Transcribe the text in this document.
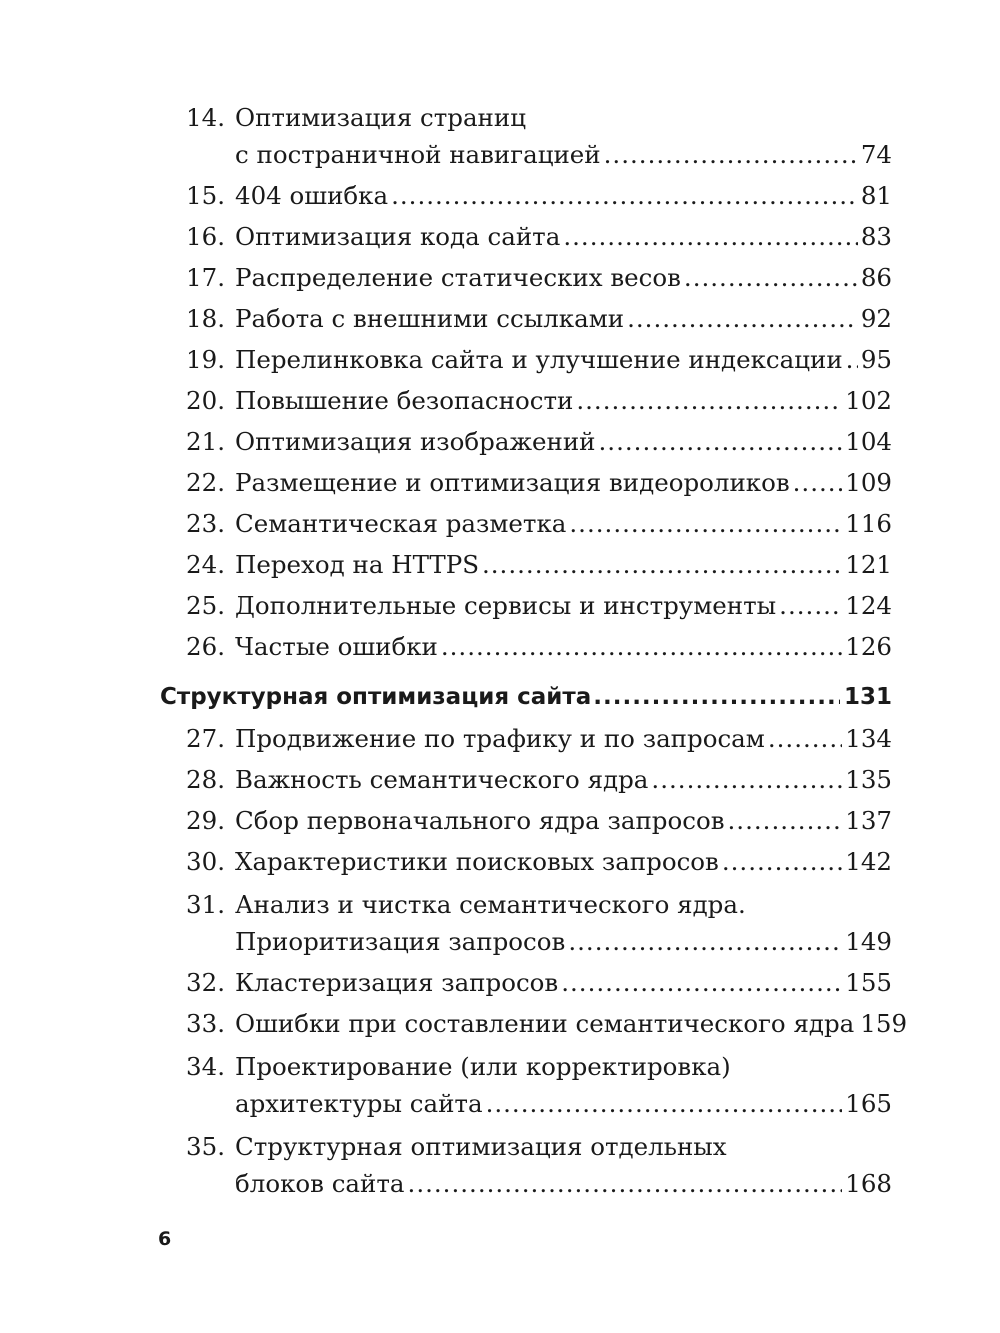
14. Оптимизация страниц
с постраничной навигацией .....	74
15. 404 ошибка .....	81
16. Оптимизация кода сайта .....	83
17. Распределение статических весов .....	86
18. Работа с внешними ссылками .....	92
19. Перелинковка сайта и улучшение индексации ..... 95
20. Повышение безопасности .....	102
21. Оптимизация изображений .....	104
22. Размещение и оптимизация видеороликов ..... 109
23. Семантическая разметка .....	116
24. Переход на HTTPS .....	121
25. Дополнительные сервисы и инструменты .....	124
26. Частые ошибки .....	126
Структурная оптимизация сайта .....	131
27. Продвижение по трафику и по запросам .....	134
28. Важность семантического ядра .....	135
29. Сбор первоначального ядра запросов .....	137
30. Характеристики поисковых запросов .....	142
31. Анализ и чистка семантического ядра.
Приоритизация запросов .....	149
32. Кластеризация запросов .....	155
33. Ошибки при составлении семантического ядра 159
34. Проектирование (или корректировка)
архитектуры сайта .....	165
35. Структурная оптимизация отдельных
блоков сайта .....	168
6
